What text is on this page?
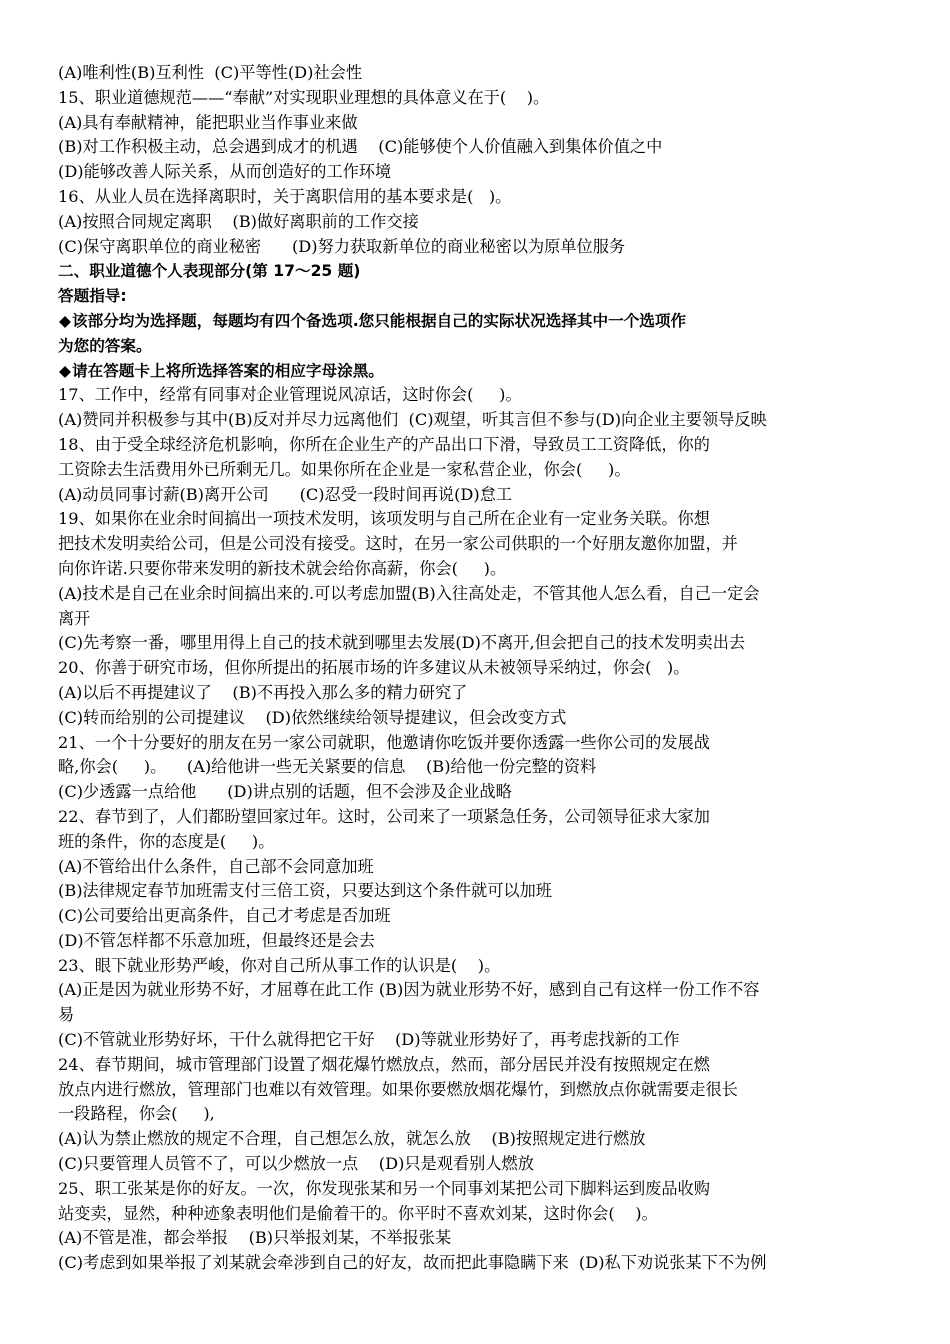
(A)唯利性(B)互利性  (C)平等性(D)社会性
15、职业道德规范——“奉献”对实现职业理想的具体意义在于(    )。
(A)具有奉献精神，能把职业当作事业来做
(B)对工作积极主动，总会遇到成才的机遇    (C)能够使个人价值融入到集体价值之中
(D)能够改善人际关系，从而创造好的工作环境
16、从业人员在选择离职时，关于离职信用的基本要求是(   )。
(A)按照合同规定离职    (B)做好离职前的工作交接
(C)保守离职单位的商业秘密      (D)努力获取新单位的商业秘密以为原单位服务
二、职业道德个人表现部分(第 17～25 题)
答题指导:
◆该部分均为选择题，每题均有四个备选项.您只能根据自己的实际状况选择其中一个选项作
为您的答案。
◆请在答题卡上将所选择答案的相应字母涂黑。
17、工作中，经常有同事对企业管理说风凉话，这时你会(     )。
(A)赞同并积极参与其中(B)反对并尽力远离他们  (C)观望，听其言但不参与(D)向企业主要领导反映
18、由于受全球经济危机影响，你所在企业生产的产品出口下滑，导致员工工资降低，你的
工资除去生活费用外已所剩无几。如果你所在企业是一家私营企业，你会(     )。
(A)动员同事讨薪(B)离开公司      (C)忍受一段时间再说(D)怠工
19、如果你在业余时间搞出一项技术发明，该项发明与自己所在企业有一定业务关联。你想
把技术发明卖给公司，但是公司没有接受。这时，在另一家公司供职的一个好朋友邀你加盟，并
向你许诺.只要你带来发明的新技术就会给你高薪，你会(     )。
(A)技术是自己在业余时间搞出来的.可以考虑加盟(B)入往高处走，不管其他人怎么看，自己一定会
离开
(C)先考察一番，哪里用得上自己的技术就到哪里去发展(D)不离开,但会把自己的技术发明卖出去
20、你善于研究市场，但你所提出的拓展市场的许多建议从未被领导采纳过，你会(   )。
(A)以后不再提建议了    (B)不再投入那么多的精力研究了
(C)转而给别的公司提建议    (D)依然继续给领导提建议，但会改变方式
21、一个十分要好的朋友在另一家公司就职，他邀请你吃饭并要你透露一些你公司的发展战
略,你会(     )。    (A)给他讲一些无关紧要的信息    (B)给他一份完整的资料
(C)少透露一点给他      (D)讲点别的话题，但不会涉及企业战略
22、春节到了，人们都盼望回家过年。这时，公司来了一项紧急任务，公司领导征求大家加
班的条件，你的态度是(     )。
(A)不管给出什么条件，自己部不会同意加班
(B)法律规定春节加班需支付三倍工资，只要达到这个条件就可以加班
(C)公司要给出更高条件，自己才考虑是否加班
(D)不管怎样都不乐意加班，但最终还是会去
23、眼下就业形势严峻，你对自己所从事工作的认识是(    )。
(A)正是因为就业形势不好，才屈尊在此工作 (B)因为就业形势不好，感到自己有这样一份工作不容
易
(C)不管就业形势好坏，干什么就得把它干好    (D)等就业形势好了，再考虑找新的工作
24、春节期间，城市管理部门设置了烟花爆竹燃放点，然而，部分居民并没有按照规定在燃
放点内进行燃放，管理部门也难以有效管理。如果你要燃放烟花爆竹，到燃放点你就需要走很长
一段路程，你会(     ),
(A)认为禁止燃放的规定不合理，自己想怎么放，就怎么放    (B)按照规定进行燃放
(C)只要管理人员管不了，可以少燃放一点    (D)只是观看别人燃放
25、职工张某是你的好友。一次，你发现张某和另一个同事刘某把公司下脚料运到废品收购
站变卖，显然，种种迹象表明他们是偷着干的。你平时不喜欢刘某，这时你会(    )。
(A)不管是准，都会举报    (B)只举报刘某，不举报张某
(C)考虑到如果举报了刘某就会牵涉到自己的好友，故而把此事隐瞒下来  (D)私下劝说张某下不为例
